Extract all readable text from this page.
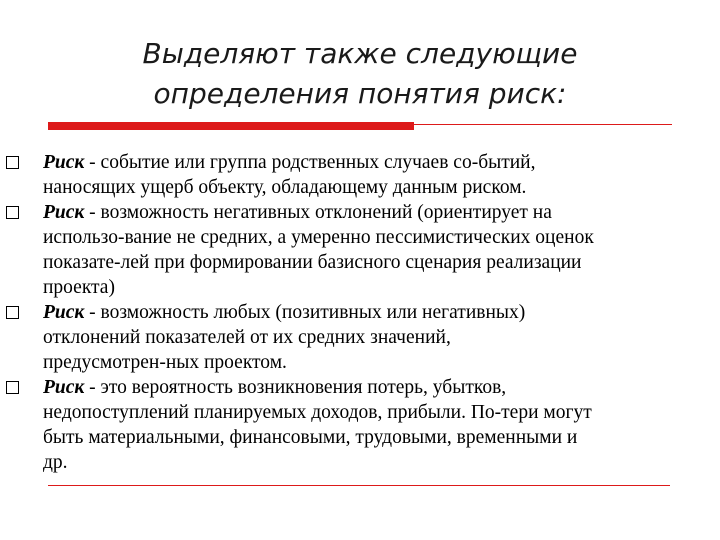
Выделяют также следующие
определения понятия риск:
Риск - событие или группа родственных случаев со-бытий,
наносящих ущерб объекту, обладающему данным риском.
Риск - возможность негативных отклонений (ориентирует на
использо-вание не средних, а умеренно пессимистических оценок
показате-лей при формировании базисного сценария реализации
проекта)
Риск - возможность любых (позитивных или негативных)
отклонений показателей от их средних значений,
предусмотрен-ных проектом.
Риск - это вероятность возникновения потерь, убытков,
недопоступлений планируемых доходов, прибыли. По-тери могут
быть материальными, финансовыми, трудовыми, временными и
др.
